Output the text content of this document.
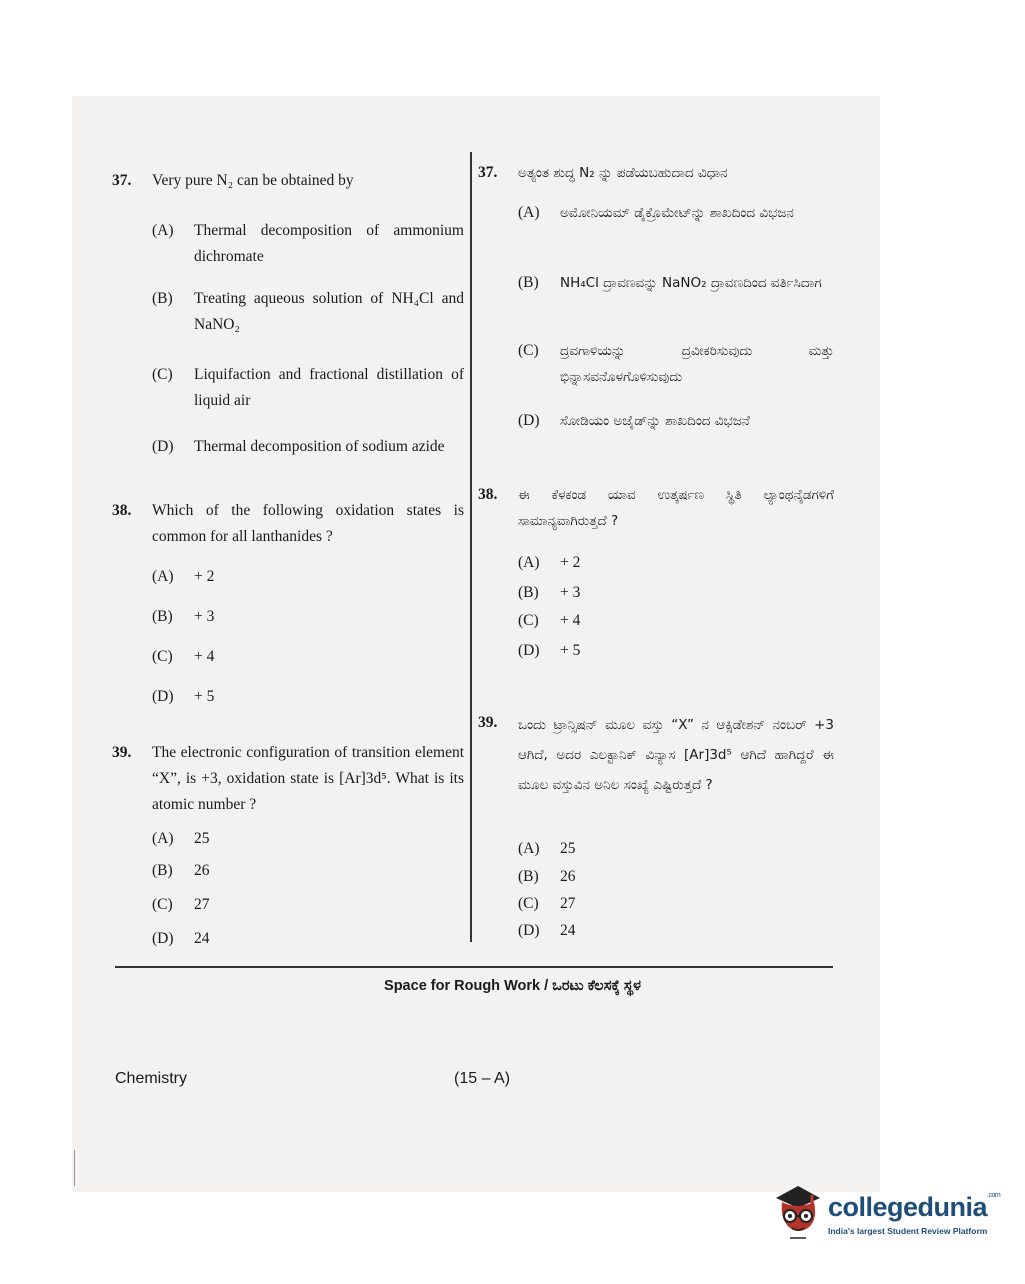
37. Very pure N₂ can be obtained by
(A) Thermal decomposition of ammonium dichromate
(B) Treating aqueous solution of NH₄Cl and NaNO₂
(C) Liquifaction and fractional distillation of liquid air
(D) Thermal decomposition of sodium azide
38. Which of the following oxidation states is common for all lanthanides ?
(A) + 2
(B) + 3
(C) + 4
(D) + 5
39. The electronic configuration of transition element “X”, is +3, oxidation state is [Ar]3d⁵. What is its atomic number ?
(A) 25
(B) 26
(C) 27
(D) 24
37. ಅತ್ಯಂತ ಶುದ್ಧ N₂ ನ್ನು ಪಡೆಯಬಹುದಾದ ವಿಧಾನ
(A) ಅಮೋನಿಯಮ್ ಡೈಕ್ರೊಮೇಟ್‌ನ್ನು ಶಾಖದಿಂದ ವಿಭಜನ
(B) NH₄Cl ದ್ರಾವಣವನ್ನು NaNO₂ ದ್ರಾವಣದಿಂದ ವರ್ತಿಸಿದಾಗ
(C) ದ್ರವಗಾಳಿಯನ್ನು ದ್ರವೀಕರಿಸುವುದು ಮತ್ತು ಭಿನ್ನಾಸವನೊಳಗೊಳಿಸುವುದು
(D) ಸೋಡಿಯಂ ಅಜೈಡ್‌ನ್ನು ಶಾಖದಿಂದ ವಿಭಜನೆ
38. ಈ ಕೆಳಕಂಡ ಯಾವ ಉತ್ಕರ್ಷಣ ಸ್ಥಿತಿ ಲ್ಯಾಂಥನೈಡಗಳಿಗೆ ಸಾಮಾನ್ಯವಾಗಿರುತ್ತದೆ ?
(A) + 2
(B) + 3
(C) + 4
(D) + 5
39. ಒಂದು ಟ್ರಾನ್ಸಿಷನ್ ಮೂಲ ವಸ್ತು “X” ನ ಆಕ್ಸಿಡೇಶನ್ ನಂಬರ್ +3 ಆಗಿದೆ, ಅದರ ಎಲಕ್ಟಾನಿಕ್ ವಿನ್ಯಾಸ [Ar]3d⁵ ಆಗಿದೆ ಹಾಗಿದ್ದರೆ ಈ ಮೂಲ ವಸ್ತುವಿನ ಅನಿಲ ಸಂಖ್ಯೆ ಎಷ್ಟಿರುತ್ತದೆ ?
(A) 25
(B) 26
(C) 27
(D) 24
Space for Rough Work / ಒರಟು ಕೆಲಸಕ್ಕೆ ಸ್ಥಳ
Chemistry	(15 – A)
collegedunia$^{.com}$
India's largest Student Review Platform
